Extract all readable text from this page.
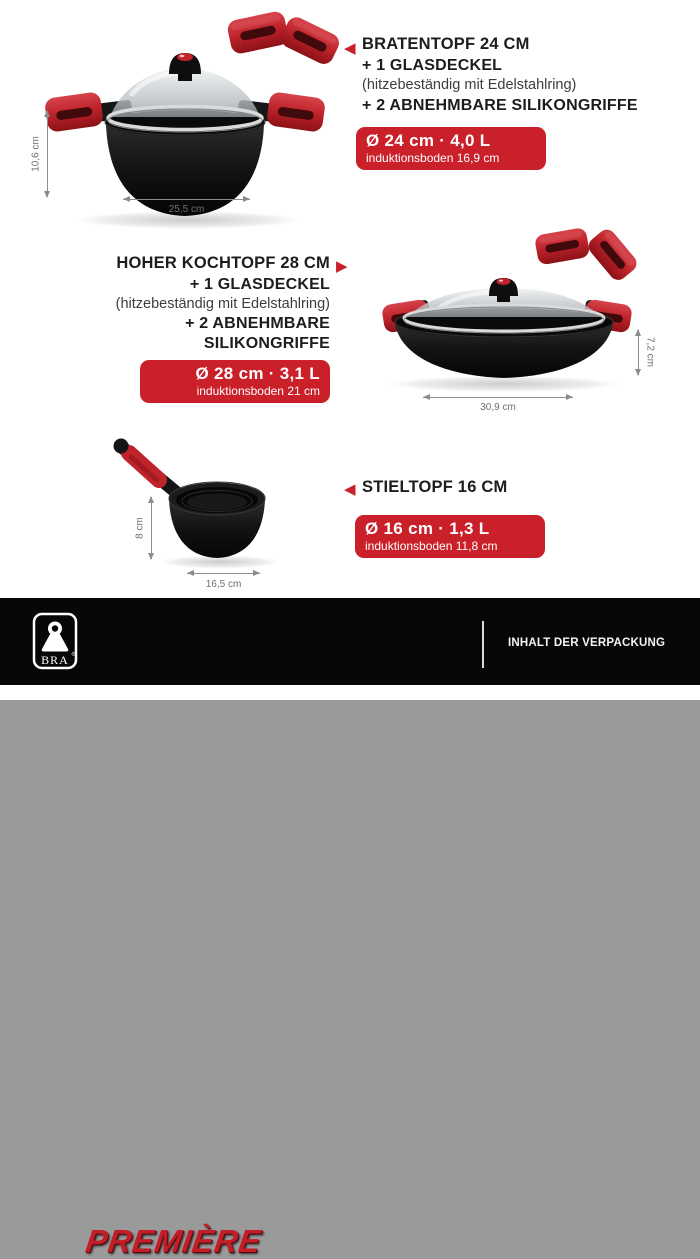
10,6 cm
25,5 cm
◀ BRATENTOPF 24 CM
+ 1 GLASDECKEL
(hitzebeständig mit Edelstahlring)
+ 2 ABNEHMBARE SILIKONGRIFFE
Ø 24 cm · 4,0 L
induktionsboden 16,9 cm
HOHER KOCHTOPF 28 CM
+ 1 GLASDECKEL
(hitzebeständig mit Edelstahlring)
+ 2 ABNEHMBARE
SILIKONGRIFFE
▶
Ø 28 cm · 3,1 L
induktionsboden 21 cm
7,2 cm
30,9 cm
8 cm
16,5 cm
◀ STIELTOPF 16 CM
Ø 16 cm · 1,3 L
induktionsboden 11,8 cm
BRA ®
PREMIÈRE
INHALT DER VERPACKUNG
